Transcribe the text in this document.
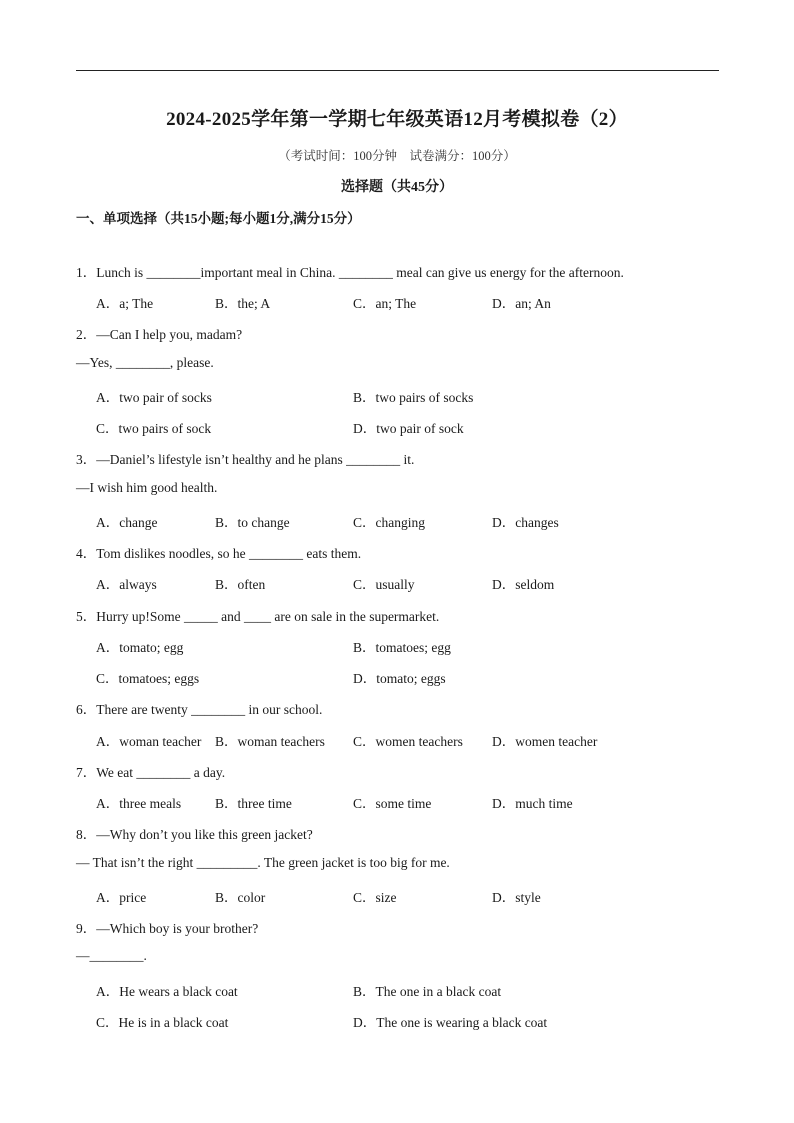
2024-2025学年第一学期七年级英语12月考模拟卷（2）
（考试时间：100分钟　试卷满分：100分）
选择题（共45分）
一、单项选择（共15小题;每小题1分,满分15分）
1．Lunch is ________important meal in China. ________ meal can give us energy for the afternoon.
A．a; The	B．the; A	C．an; The	D．an; An
2．—Can I help you, madam?
—Yes, ________, please.
A．two pair of socks	B．two pairs of socks
C．two pairs of sock	D．two pair of sock
3．—Daniel’s lifestyle isn’t healthy and he plans ________ it.
—I wish him good health.
A．change	B．to change	C．changing	D．changes
4．Tom dislikes noodles, so he ________ eats them.
A．always	B．often	C．usually	D．seldom
5．Hurry up!Some _____ and ____ are on sale in the supermarket.
A．tomato; egg	B．tomatoes; egg
C．tomatoes; eggs	D．tomato; eggs
6．There are twenty ________ in our school.
A．woman teacher B．woman teachers C．women teachers D．women teacher
7．We eat ________ a day.
A．three meals	B．three time	C．some time	D．much time
8．—Why don’t you like this green jacket?
— That isn’t the right _________. The green jacket is too big for me.
A．price	B．color	C．size	D．style
9．—Which boy is your brother?
—________.
A．He wears a black coat	B．The one in a black coat
C．He is in a black coat	D．The one is wearing a black coat
